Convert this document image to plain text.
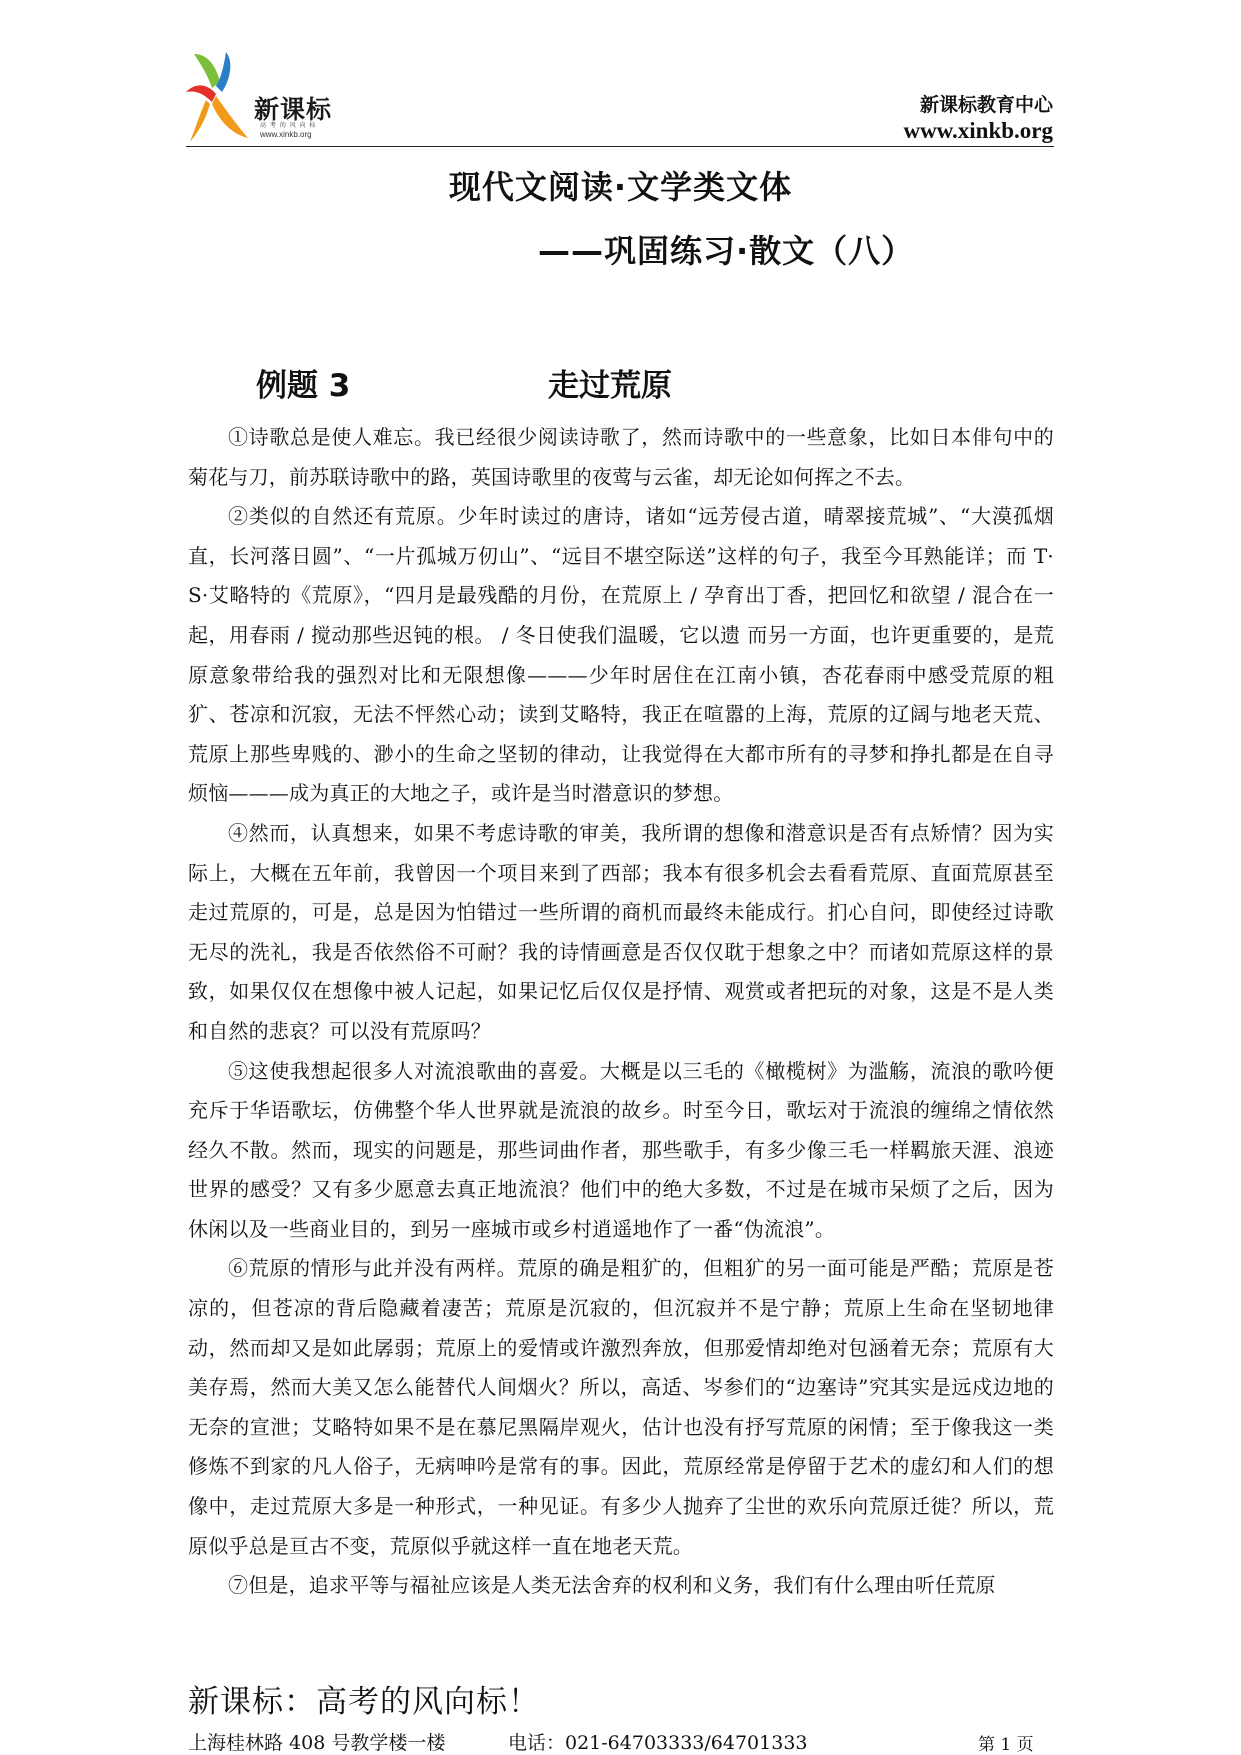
新课标
高 考 的 风 向 标
www.xinkb.org
新课标教育中心
www.xinkb.org
现代文阅读·文学类文体
——巩固练习·散文（八）
例题 3	走过荒原

①诗歌总是使人难忘。我已经很少阅读诗歌了，然而诗歌中的一些意象，比如日本俳句中的菊花与刀，前苏联诗歌中的路，英国诗歌里的夜莺与云雀，却无论如何挥之不去。

②类似的自然还有荒原。少年时读过的唐诗，诸如“远芳侵古道，晴翠接荒城”、“大漠孤烟直，长河落日圆”、“一片孤城万仞山”、“远目不堪空际送”这样的句子，我至今耳熟能详；而 T· S·艾略特的《荒原》，“四月是最残酷的月份，在荒原上 / 孕育出丁香，把回忆和欲望 / 混合在一起，用春雨 / 搅动那些迟钝的根。 / 冬日使我们温暖，它以遗 而另一方面，也许更重要的，是荒原意象带给我的强烈对比和无限想像———少年时居住在江南小镇，杏花春雨中感受荒原的粗犷、苍凉和沉寂，无法不怦然心动；读到艾略特，我正在喧嚣的上海，荒原的辽阔与地老天荒、荒原上那些卑贱的、渺小的生命之坚韧的律动，让我觉得在大都市所有的寻梦和挣扎都是在自寻烦恼———成为真正的大地之子，或许是当时潜意识的梦想。

④然而，认真想来，如果不考虑诗歌的审美，我所谓的想像和潜意识是否有点矫情？因为实际上，大概在五年前，我曾因一个项目来到了西部；我本有很多机会去看看荒原、直面荒原甚至走过荒原的，可是，总是因为怕错过一些所谓的商机而最终未能成行。扪心自问，即使经过诗歌无尽的洗礼，我是否依然俗不可耐？我的诗情画意是否仅仅耽于想象之中？而诸如荒原这样的景致，如果仅仅在想像中被人记起，如果记忆后仅仅是抒情、观赏或者把玩的对象，这是不是人类和自然的悲哀？可以没有荒原吗？

⑤这使我想起很多人对流浪歌曲的喜爱。大概是以三毛的《橄榄树》为滥觞，流浪的歌吟便充斥于华语歌坛，仿佛整个华人世界就是流浪的故乡。时至今日，歌坛对于流浪的缠绵之情依然经久不散。然而，现实的问题是，那些词曲作者，那些歌手，有多少像三毛一样羁旅天涯、浪迹世界的感受？又有多少愿意去真正地流浪？他们中的绝大多数，不过是在城市呆烦了之后，因为休闲以及一些商业目的，到另一座城市或乡村逍遥地作了一番“伪流浪”。

⑥荒原的情形与此并没有两样。荒原的确是粗犷的，但粗犷的另一面可能是严酷；荒原是苍凉的，但苍凉的背后隐藏着凄苦；荒原是沉寂的，但沉寂并不是宁静；荒原上生命在坚韧地律动，然而却又是如此孱弱；荒原上的爱情或许激烈奔放，但那爱情却绝对包涵着无奈；荒原有大美存焉，然而大美又怎么能替代人间烟火？所以，高适、岑参们的“边塞诗”究其实是远戍边地的无奈的宣泄；艾略特如果不是在慕尼黑隔岸观火，估计也没有抒写荒原的闲情；至于像我这一类修炼不到家的凡人俗子，无病呻吟是常有的事。因此，荒原经常是停留于艺术的虚幻和人们的想像中，走过荒原大多是一种形式，一种见证。有多少人抛弃了尘世的欢乐向荒原迁徙？所以，荒原似乎总是亘古不变，荒原似乎就这样一直在地老天荒。

⑦但是，追求平等与福祉应该是人类无法舍弃的权利和义务，我们有什么理由听任荒原

新课标：高考的风向标！
上海桂林路 408 号教学楼一楼	电话：021-64703333/64701333	第 1 页
